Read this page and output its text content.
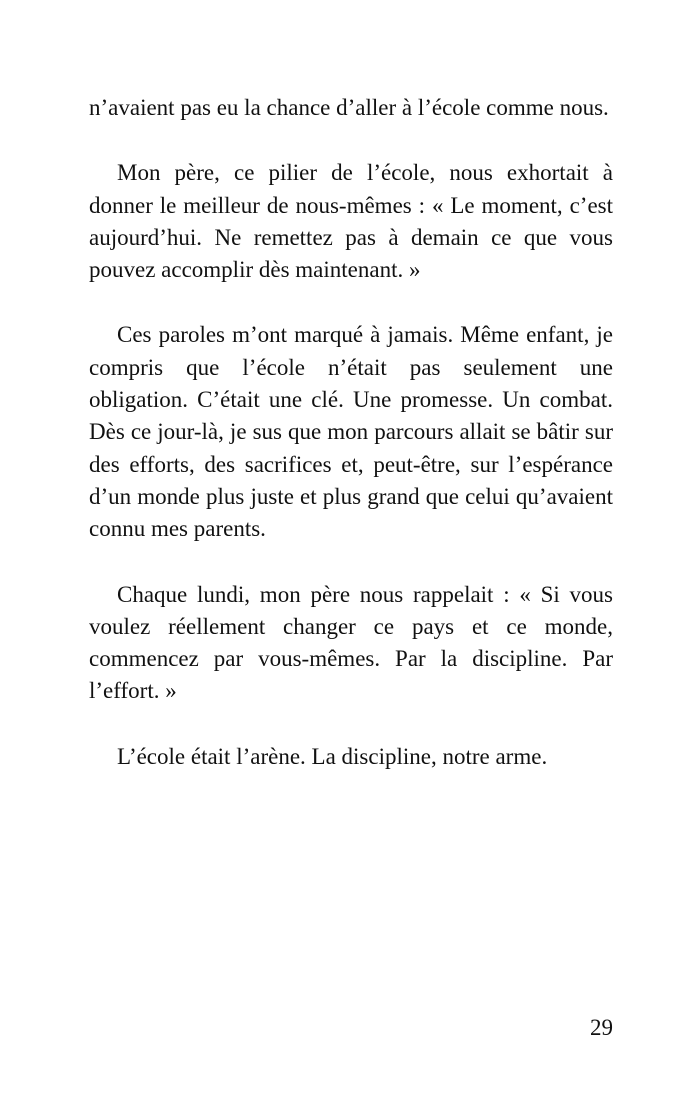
n’avaient pas eu la chance d’aller à l’école comme nous.

Mon père, ce pilier de l’école, nous exhortait à donner le meilleur de nous-mêmes : « Le moment, c’est aujourd’hui. Ne remettez pas à demain ce que vous pouvez accomplir dès maintenant. »

Ces paroles m’ont marqué à jamais. Même enfant, je compris que l’école n’était pas seulement une obligation. C’était une clé. Une promesse. Un combat. Dès ce jour-là, je sus que mon parcours allait se bâtir sur des efforts, des sacrifices et, peut-être, sur l’espérance d’un monde plus juste et plus grand que celui qu’avaient connu mes parents.

Chaque lundi, mon père nous rappelait : « Si vous voulez réellement changer ce pays et ce monde, commencez par vous-mêmes. Par la discipline. Par l’effort. »

L’école était l’arène. La discipline, notre arme.

29
